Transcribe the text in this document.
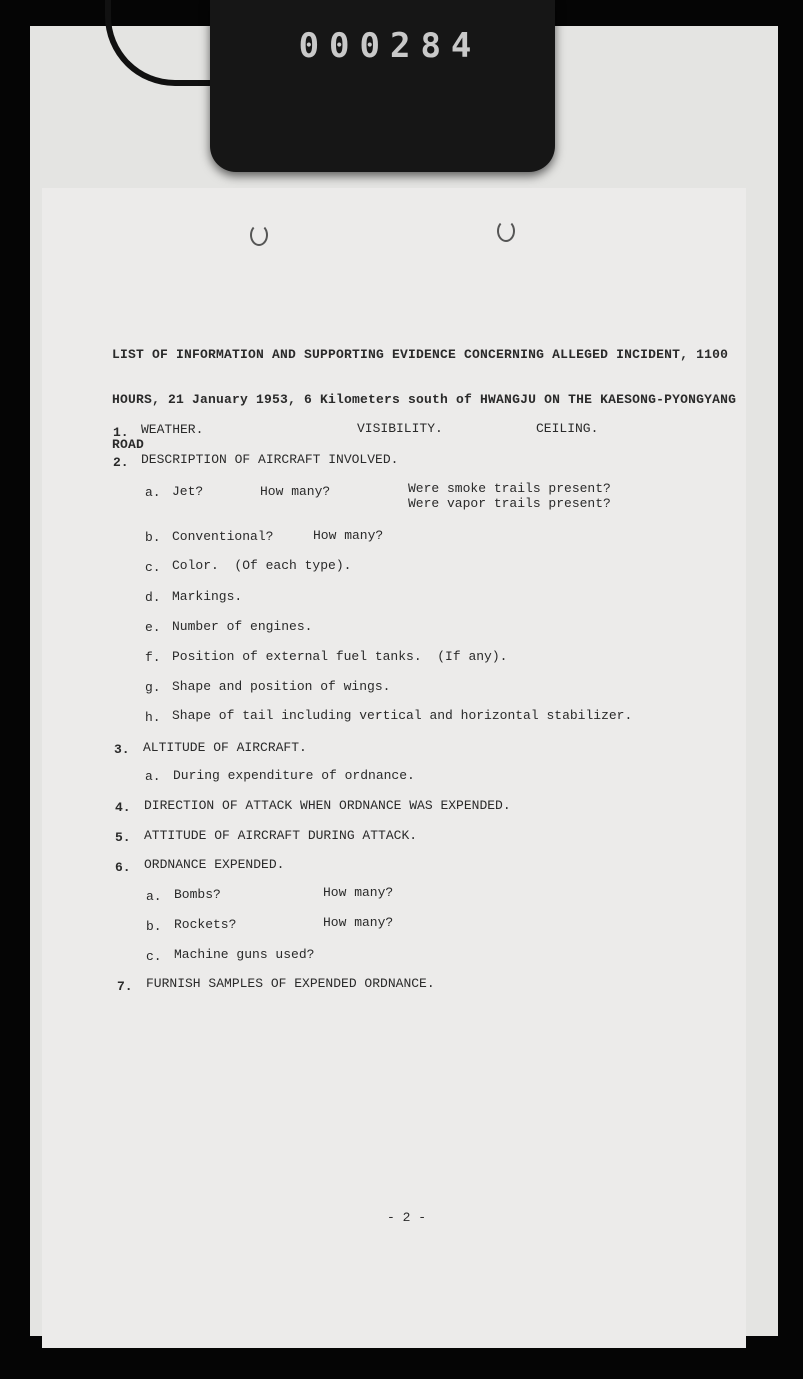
000284

LIST OF INFORMATION AND SUPPORTING EVIDENCE CONCERNING ALLEGED INCIDENT, 1100

HOURS, 21 January 1953, 6 Kilometers south of HWANGJU ON THE KAESONG-PYONGYANG

ROAD

1. WEATHER.	VISIBILITY.	CEILING.
2. DESCRIPTION OF AIRCRAFT INVOLVED.
a. Jet?	How many?	Were smoke trails present?
Were vapor trails present?
b. Conventional?	How many?
c. Color.  (Of each type).
d. Markings.
e. Number of engines.
f. Position of external fuel tanks.  (If any).
g. Shape and position of wings.
h. Shape of tail including vertical and horizontal stabilizer.
3. ALTITUDE OF AIRCRAFT.
a. During expenditure of ordnance.
4. DIRECTION OF ATTACK WHEN ORDNANCE WAS EXPENDED.
5. ATTITUDE OF AIRCRAFT DURING ATTACK.
6. ORDNANCE EXPENDED.
a. Bombs?	How many?
b. Rockets?	How many?
c. Machine guns used?
7. FURNISH SAMPLES OF EXPENDED ORDNANCE.
- 2 -
